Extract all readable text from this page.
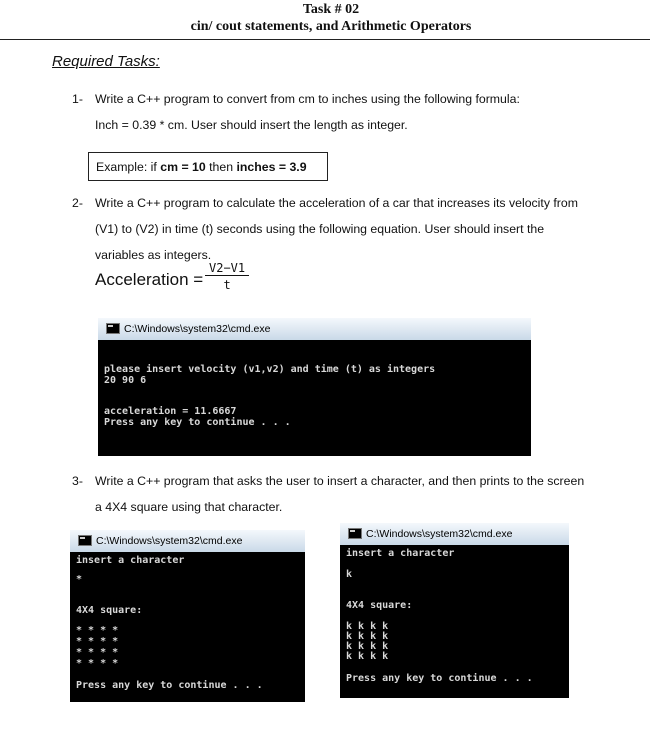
Task # 02
cin/ cout statements, and Arithmetic Operators
Required Tasks:
1- Write a C++ program to convert from cm to inches using the following formula:
Inch = 0.39 * cm. User should insert the length as integer.
Example: if cm = 10 then inches = 3.9
2- Write a C++ program to calculate the acceleration of a car that increases its velocity from
(V1) to (V2) in time (t) seconds using the following equation. User should insert the
variables as integers.
Acceleration = $\frac{V2-V1}{t}$
C:\Windows\system32\cmd.exe
please insert velocity (v1,v2) and time (t) as integers
20 90 6
acceleration = 11.6667
Press any key to continue . . .
3- Write a C++ program that asks the user to insert a character, and then prints to the screen
a 4X4 square using that character.
C:\Windows\system32\cmd.exe
insert a character
*
4X4 square:
* * * *
* * * *
* * * *
* * * *
Press any key to continue . . .
C:\Windows\system32\cmd.exe
insert a character
k
4X4 square:
k k k k
k k k k
k k k k
k k k k
Press any key to continue . . .
